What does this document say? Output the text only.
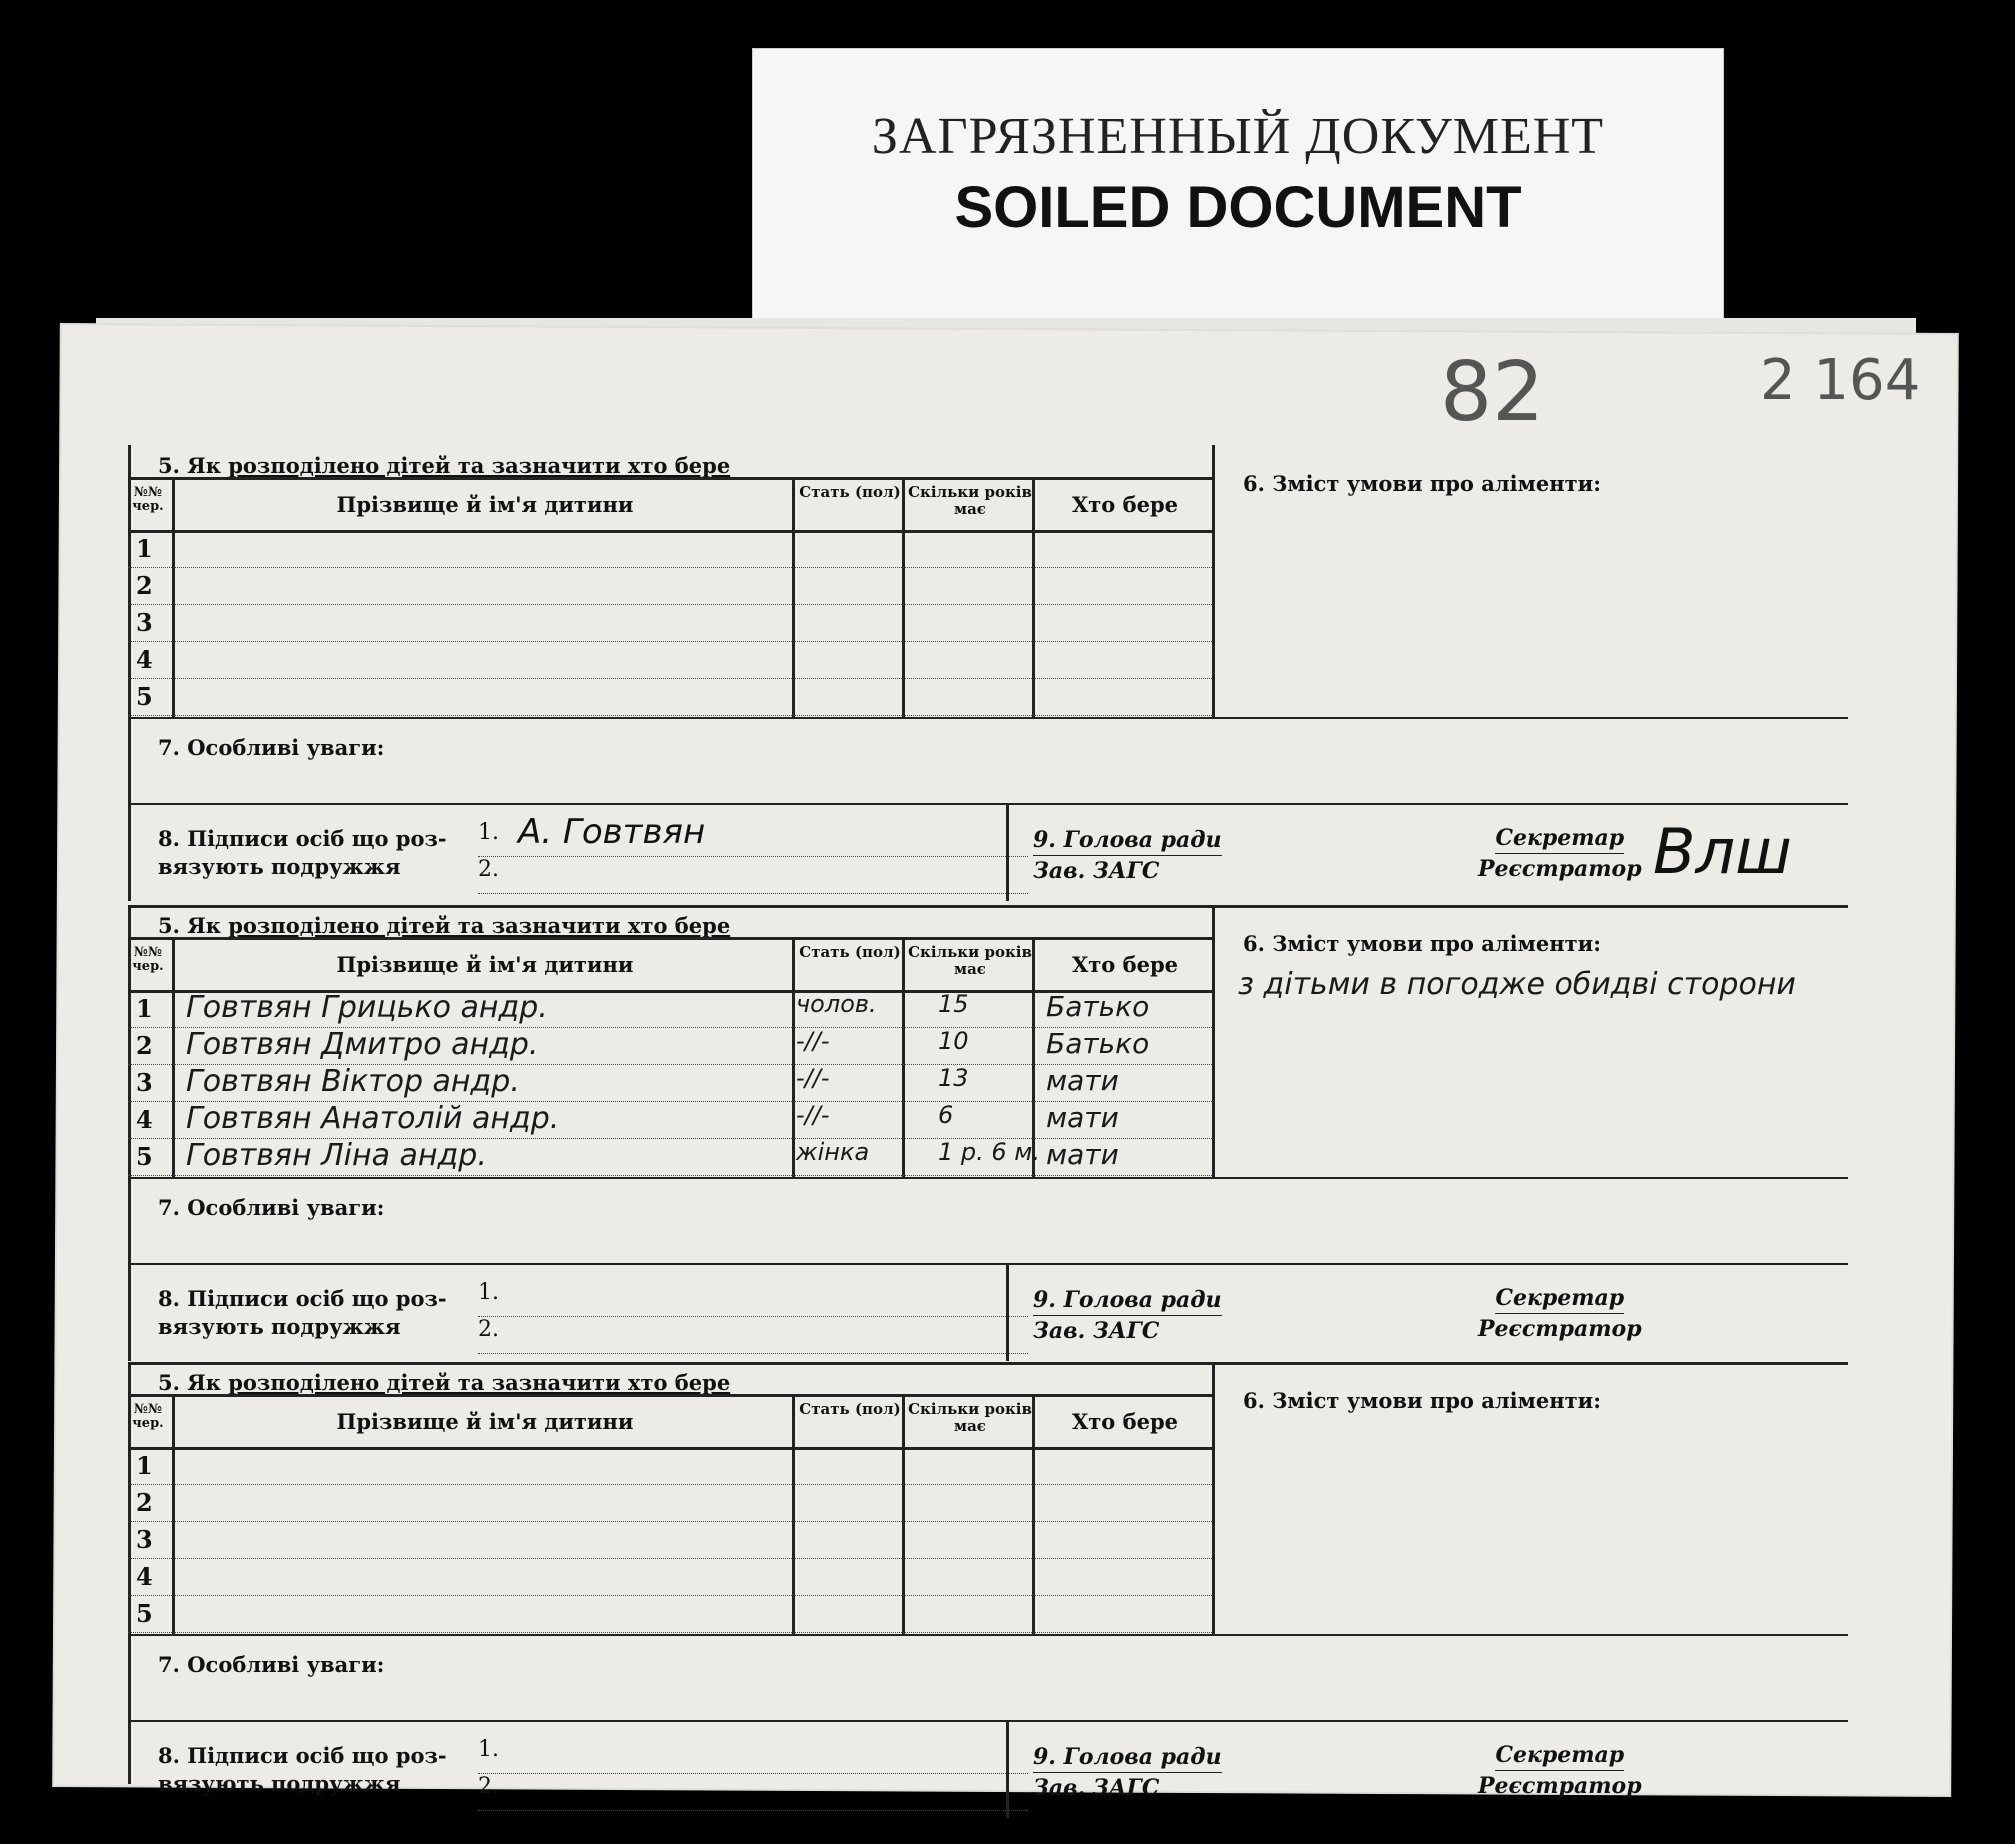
ЗАГРЯЗНЕННЫЙ ДОКУМЕНТ
SOILED DOCUMENT
82	2 164
5. Як розподілено дітей та зазначити хто бере
№№ чер.	Прізвище й ім'я дитини	Стать (пол) Скільки років має	Хто бере
1
2
3
4
5
6. Зміст умови про аліменти:
7. Особливі уваги:
8. Підписи осіб що роз-
вязують подружжя
1. А. Говтвян
2.
9. Голова ради
Зав. ЗАГС
Секретар
Реєстратор Влш
5. Як розподілено дітей та зазначити хто бере
№№ чер.	Прізвище й ім'я дитини	Стать (пол) Скільки років має	Хто бере
1 Говтвян Грицько андр.	чолов.	15	Батько
2 Говтвян Дмитро андр.	-//-	10	Батько
3 Говтвян Віктор андр.	-//-	13	мати
4 Говтвян Анатолій андр.	-//-	6	мати
5 Говтвян Ліна андр.	жінка	1 р. 6 м. мати
6. Зміст умови про аліменти:
з дітьми в погодже обидві сторони
7. Особливі уваги:
8. Підписи осіб що роз-
вязують подружжя
1.
2.
9. Голова ради
Зав. ЗАГС
Секретар
Реєстратор
5. Як розподілено дітей та зазначити хто бере
№№ чер.	Прізвище й ім'я дитини	Стать (пол) Скільки років має	Хто бере
1
2
3
4
5
6. Зміст умови про аліменти:
7. Особливі уваги:
8. Підписи осіб що роз-
вязують подружжя
1.
2.
9. Голова ради
Зав. ЗАГС
Секретар
Реєстратор
